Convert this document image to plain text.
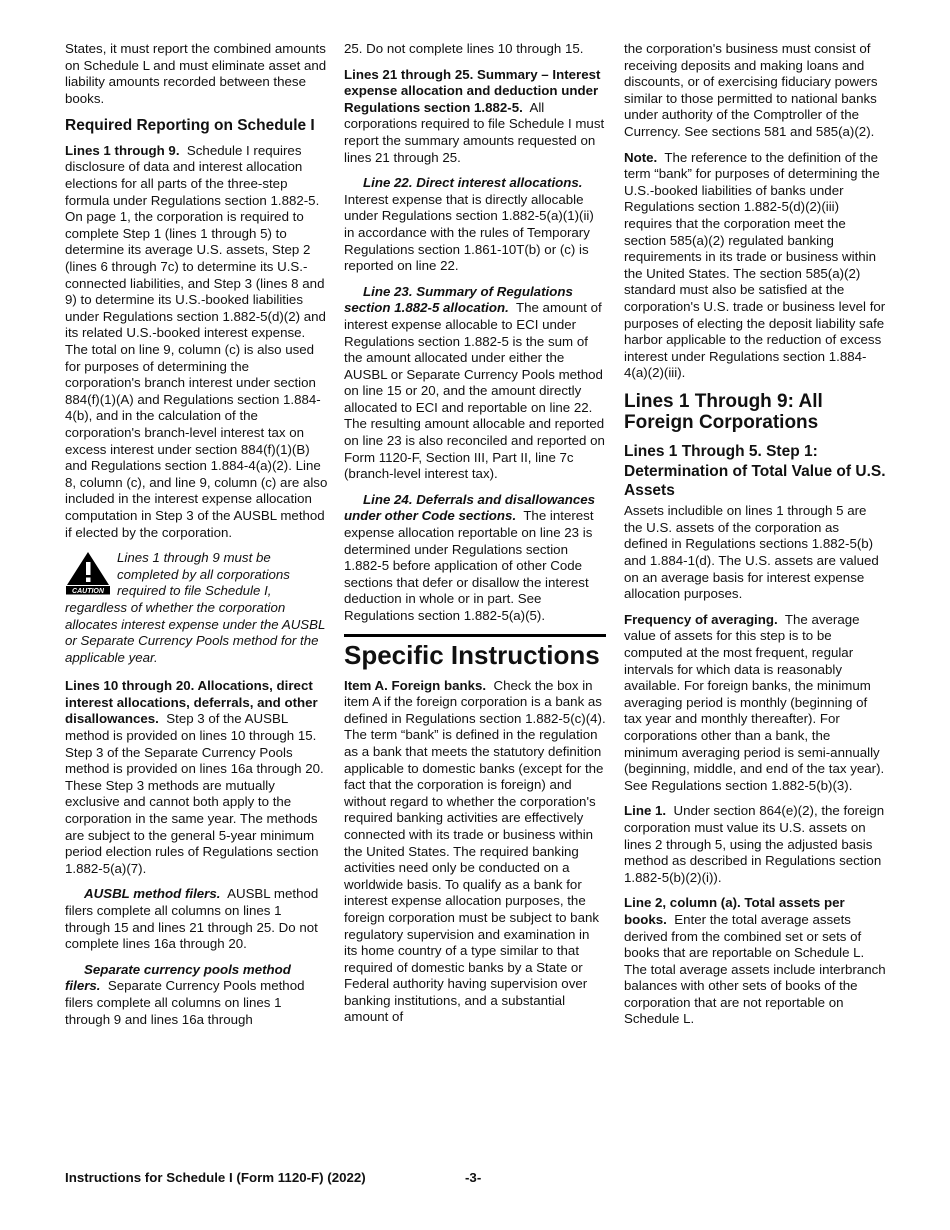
States, it must report the combined amounts on Schedule L and must eliminate asset and liability amounts recorded between these books.

Required Reporting on Schedule I

Lines 1 through 9. Schedule I requires disclosure of data and interest allocation elections for all parts of the three-step formula under Regulations section 1.882-5. On page 1, the corporation is required to complete Step 1 (lines 1 through 5) to determine its average U.S. assets, Step 2 (lines 6 through 7c) to determine its U.S.-connected liabilities, and Step 3 (lines 8 and 9) to determine its U.S.-booked liabilities under Regulations section 1.882-5(d)(2) and its related U.S.-booked interest expense. The total on line 9, column (c) is also used for purposes of determining the corporation's branch interest under section 884(f)(1)(A) and Regulations section 1.884-4(b), and in the calculation of the corporation's branch-level interest tax on excess interest under section 884(f)(1)(B) and Regulations section 1.884-4(a)(2). Line 8, column (c), and line 9, column (c) are also included in the interest expense allocation computation in Step 3 of the AUSBL method if elected by the corporation.

CAUTION
Lines 1 through 9 must be completed by all corporations required to file Schedule I, regardless of whether the corporation allocates interest expense under the AUSBL or Separate Currency Pools method for the applicable year.

Lines 10 through 20. Allocations, direct interest allocations, deferrals, and other disallowances. Step 3 of the AUSBL method is provided on lines 10 through 15. Step 3 of the Separate Currency Pools method is provided on lines 16a through 20. These Step 3 methods are mutually exclusive and cannot both apply to the corporation in the same year. The methods are subject to the general 5-year minimum period election rules of Regulations section 1.882-5(a)(7).

AUSBL method filers. AUSBL method filers complete all columns on lines 1 through 15 and lines 21 through 25. Do not complete lines 16a through 20.

Separate currency pools method filers. Separate Currency Pools method filers complete all columns on lines 1 through 9 and lines 16a through

25. Do not complete lines 10 through 15.

Lines 21 through 25. Summary – Interest expense allocation and deduction under Regulations section 1.882-5. All corporations required to file Schedule I must report the summary amounts requested on lines 21 through 25.

Line 22. Direct interest allocations.  Interest expense that is directly allocable under Regulations section 1.882-5(a)(1)(ii) in accordance with the rules of Temporary Regulations section 1.861-10T(b) or (c) is reported on line 22.

Line 23. Summary of Regulations section 1.882-5 allocation. The amount of interest expense allocable to ECI under Regulations section 1.882-5 is the sum of the amount allocated under either the AUSBL or Separate Currency Pools method on line 15 or 20, and the amount directly allocated to ECI and reportable on line 22. The resulting amount allocable and reported on line 23 is also reconciled and reported on Form 1120-F, Section III, Part II, line 7c (branch-level interest tax).

Line 24. Deferrals and disallowances under other Code sections. The interest expense allocation reportable on line 23 is determined under Regulations section 1.882-5 before application of other Code sections that defer or disallow the interest deduction in whole or in part. See Regulations section 1.882-5(a)(5).

Specific Instructions

Item A. Foreign banks. Check the box in item A if the foreign corporation is a bank as defined in Regulations section 1.882-5(c)(4). The term “bank” is defined in the regulation as a bank that meets the statutory definition applicable to domestic banks (except for the fact that the corporation is foreign) and without regard to whether the corporation's required banking activities are effectively connected with its trade or business within the United States. The required banking activities need only be conducted on a worldwide basis. To qualify as a bank for interest expense allocation purposes, the foreign corporation must be subject to bank regulatory supervision and examination in its home country of a type similar to that required of domestic banks by a State or Federal authority having supervision over banking institutions, and a substantial amount of

the corporation's business must consist of receiving deposits and making loans and discounts, or of exercising fiduciary powers similar to those permitted to national banks under authority of the Comptroller of the Currency. See sections 581 and 585(a)(2).

Note. The reference to the definition of the term “bank” for purposes of determining the U.S.-booked liabilities of banks under Regulations section 1.882-5(d)(2)(iii) requires that the corporation meet the section 585(a)(2) regulated banking requirements in its trade or business within the United States. The section 585(a)(2) standard must also be satisfied at the corporation's U.S. trade or business level for purposes of electing the deposit liability safe harbor applicable to the reduction of excess interest under Regulations section 1.884-4(a)(2)(iii).

Lines 1 Through 9: All Foreign Corporations
Lines 1 Through 5. Step 1: Determination of Total Value of U.S. Assets

Assets includible on lines 1 through 5 are the U.S. assets of the corporation as defined in Regulations sections 1.882-5(b) and 1.884-1(d). The U.S. assets are valued on an average basis for interest expense allocation purposes.

Frequency of averaging. The average value of assets for this step is to be computed at the most frequent, regular intervals for which data is reasonably available. For foreign banks, the minimum averaging period is monthly (beginning of tax year and monthly thereafter). For corporations other than a bank, the minimum averaging period is semi-annually (beginning, middle, and end of the tax year). See Regulations section 1.882-5(b)(3).

Line 1. Under section 864(e)(2), the foreign corporation must value its U.S. assets on lines 2 through 5, using the adjusted basis method as described in Regulations section 1.882-5(b)(2)(i)).

Line 2, column (a). Total assets per books. Enter the total average assets derived from the combined set or sets of books that are reportable on Schedule L. The total average assets include interbranch balances with other sets of books of the corporation that are not reportable on Schedule L.

Instructions for Schedule I (Form 1120-F) (2022)	-3-
